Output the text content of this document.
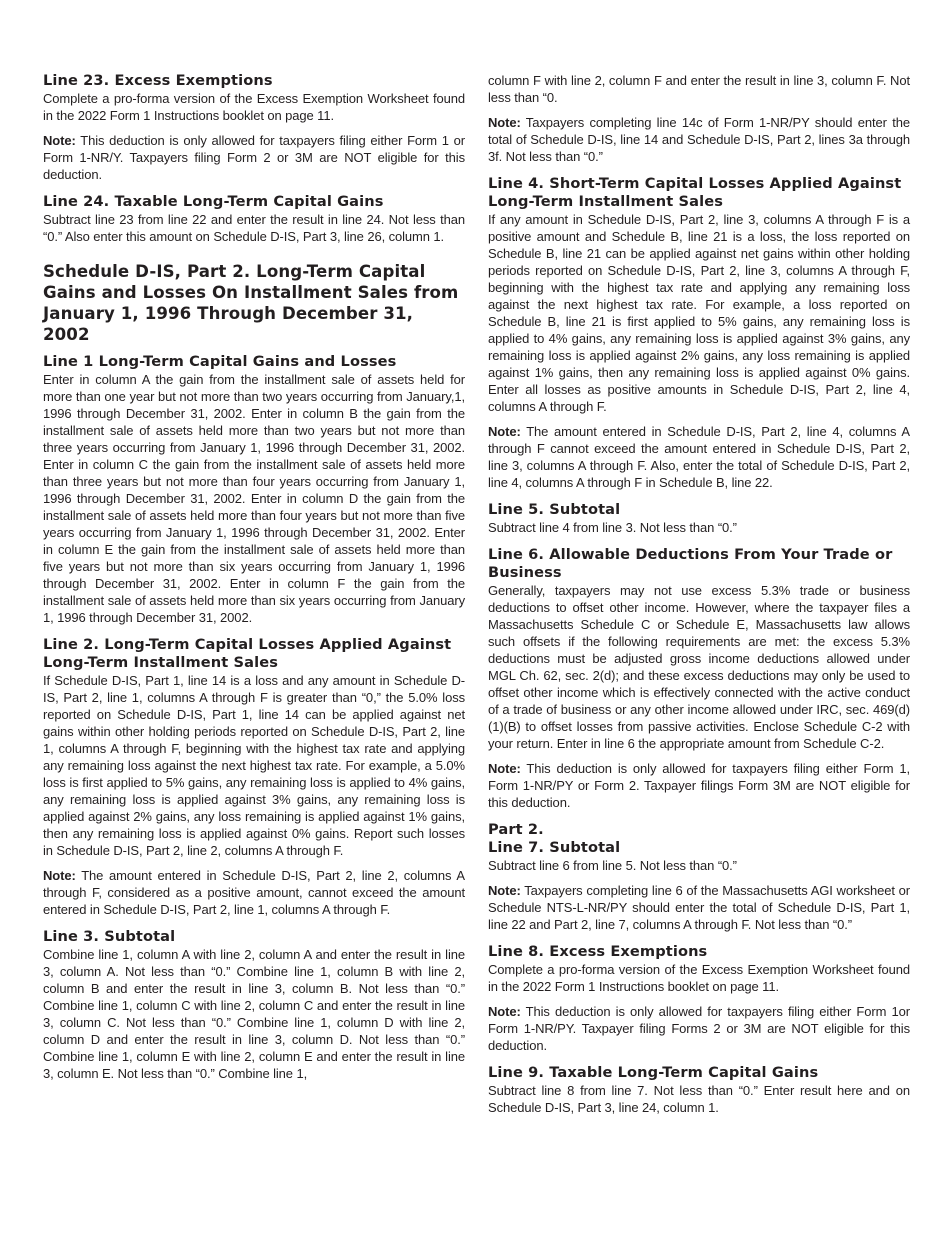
Line 23. Excess Exemptions

Complete a pro-forma version of the Excess Exemption Worksheet found in the 2022 Form 1 Instructions booklet on page 11.

Note: This deduction is only allowed for taxpayers filing either Form 1 or Form 1-NR/Y. Taxpayers filing Form 2 or 3M are NOT eligible for this deduction.

Line 24. Taxable Long-Term Capital Gains

Subtract line 23 from line 22 and enter the result in line 24. Not less than “0.” Also enter this amount on Schedule D-IS, Part 3, line 26, column 1.

Schedule D-IS, Part 2. Long-Term Capital Gains and Losses On Installment Sales from January 1, 1996 Through December 31, 2002
Line 1 Long-Term Capital Gains and Losses

Enter in column A the gain from the installment sale of assets held for more than one year but not more than two years occurring from January,1, 1996 through December 31, 2002. Enter in column B the gain from the installment sale of assets held more than two years but not more than three years occurring from January 1, 1996 through December 31, 2002. Enter in column C the gain from the installment sale of assets held more than three years but not more than four years occurring from January 1, 1996 through December 31, 2002. Enter in column D the gain from the installment sale of assets held more than four years but not more than five years occurring from January 1, 1996 through December 31, 2002. Enter in column E the gain from the installment sale of assets held more than five years but not more than six years occurring from January 1, 1996 through December 31, 2002. Enter in column F the gain from the installment sale of assets held more than six years occurring from January 1, 1996 through December 31, 2002.

Line 2. Long-Term Capital Losses Applied Against Long-Term Installment Sales

If Schedule D-IS, Part 1, line 14 is a loss and any amount in Schedule D-IS, Part 2, line 1, columns A through F is greater than “0,” the 5.0% loss reported on Schedule D-IS, Part 1, line 14 can be applied against net gains within other holding periods reported on Schedule D-IS, Part 2, line 1, columns A through F, beginning with the highest tax rate and applying any remaining loss against the next highest tax rate. For example, a 5.0% loss is first applied to 5% gains, any remaining loss is applied to 4% gains, any remaining loss is applied against 3% gains, any remaining loss is applied against 2% gains, any loss remaining is applied against 1% gains, then any remaining loss is applied against 0% gains. Report such losses in Schedule D-IS, Part 2, line 2, columns A through F.

Note: The amount entered in Schedule D-IS, Part 2, line 2, columns A through F, considered as a positive amount, cannot exceed the amount entered in Schedule D-IS, Part 2, line 1, columns A through F.

Line 3. Subtotal

Combine line 1, column A with line 2, column A and enter the result in line 3, column A. Not less than “0.” Combine line 1, column B with line 2, column B and enter the result in line 3, column B. Not less than “0.” Combine line 1, column C with line 2, column C and enter the result in line 3, column C. Not less than “0.” Combine line 1, column D with line 2, column D and enter the result in line 3, column D. Not less than “0.” Combine line 1, column E with line 2, column E and enter the result in line 3, column E. Not less than “0.” Combine line 1,

column F with line 2, column F and enter the result in line 3, column F. Not less than “0.

Note: Taxpayers completing line 14c of Form 1-NR/PY should enter the total of Schedule D-IS, line 14 and Schedule D-IS, Part 2, lines 3a through 3f. Not less than “0.”

Line 4. Short-Term Capital Losses Applied Against Long-Term Installment Sales

If any amount in Schedule D-IS, Part 2, line 3, columns A through F is a positive amount and Schedule B, line 21 is a loss, the loss reported on Schedule B, line 21 can be applied against net gains within other holding periods reported on Schedule D-IS, Part 2, line 3, columns A through F, beginning with the highest tax rate and applying any remaining loss against the next highest tax rate. For example, a loss reported on Schedule B, line 21 is first applied to 5% gains, any remaining loss is applied to 4% gains, any remaining loss is applied against 3% gains, any remaining loss is applied against 2% gains, any loss remaining is applied against 1% gains, then any remaining loss is applied against 0% gains. Enter all losses as positive amounts in Schedule D-IS, Part 2, line 4, columns A through F.

Note: The amount entered in Schedule D-IS, Part 2, line 4, columns A through F cannot exceed the amount entered in Schedule D-IS, Part 2, line 3, columns A through F. Also, enter the total of Schedule D-IS, Part 2, line 4, columns A through F in Schedule B, line 22.

Line 5. Subtotal

Subtract line 4 from line 3. Not less than “0.”

Line 6. Allowable Deductions From Your Trade or Business

Generally, taxpayers may not use excess 5.3% trade or business deductions to offset other income. However, where the taxpayer files a Massachusetts Schedule C or Schedule E, Massachusetts law allows such offsets if the following requirements are met: the excess 5.3% deductions must be adjusted gross income deductions allowed under MGL Ch. 62, sec. 2(d); and these excess deductions may only be used to offset other income which is effectively connected with the active conduct of a trade of business or any other income allowed under IRC, sec. 469(d)(1)(B) to offset losses from passive activities. Enclose Schedule C-2 with your return. Enter in line 6 the appropriate amount from Schedule C-2.

Note: This deduction is only allowed for taxpayers filing either Form 1, Form 1-NR/PY or Form 2. Taxpayer filings Form 3M are NOT eligible for this deduction.

Part 2.
Line 7. Subtotal

Subtract line 6 from line 5. Not less than “0.”

Note: Taxpayers completing line 6 of the Massachusetts AGI worksheet or Schedule NTS-L-NR/PY should enter the total of Schedule D-IS, Part 1, line 22 and Part 2, line 7, columns A through F. Not less than “0.”

Line 8. Excess Exemptions

Complete a pro-forma version of the Excess Exemption Worksheet found in the 2022 Form 1 Instructions booklet on page 11.

Note: This deduction is only allowed for taxpayers filing either Form 1or Form 1-NR/PY. Taxpayer filing Forms 2 or 3M are NOT eligible for this deduction.

Line 9. Taxable Long-Term Capital Gains

Subtract line 8 from line 7. Not less than “0.” Enter result here and on Schedule D-IS, Part 3, line 24, column 1.
